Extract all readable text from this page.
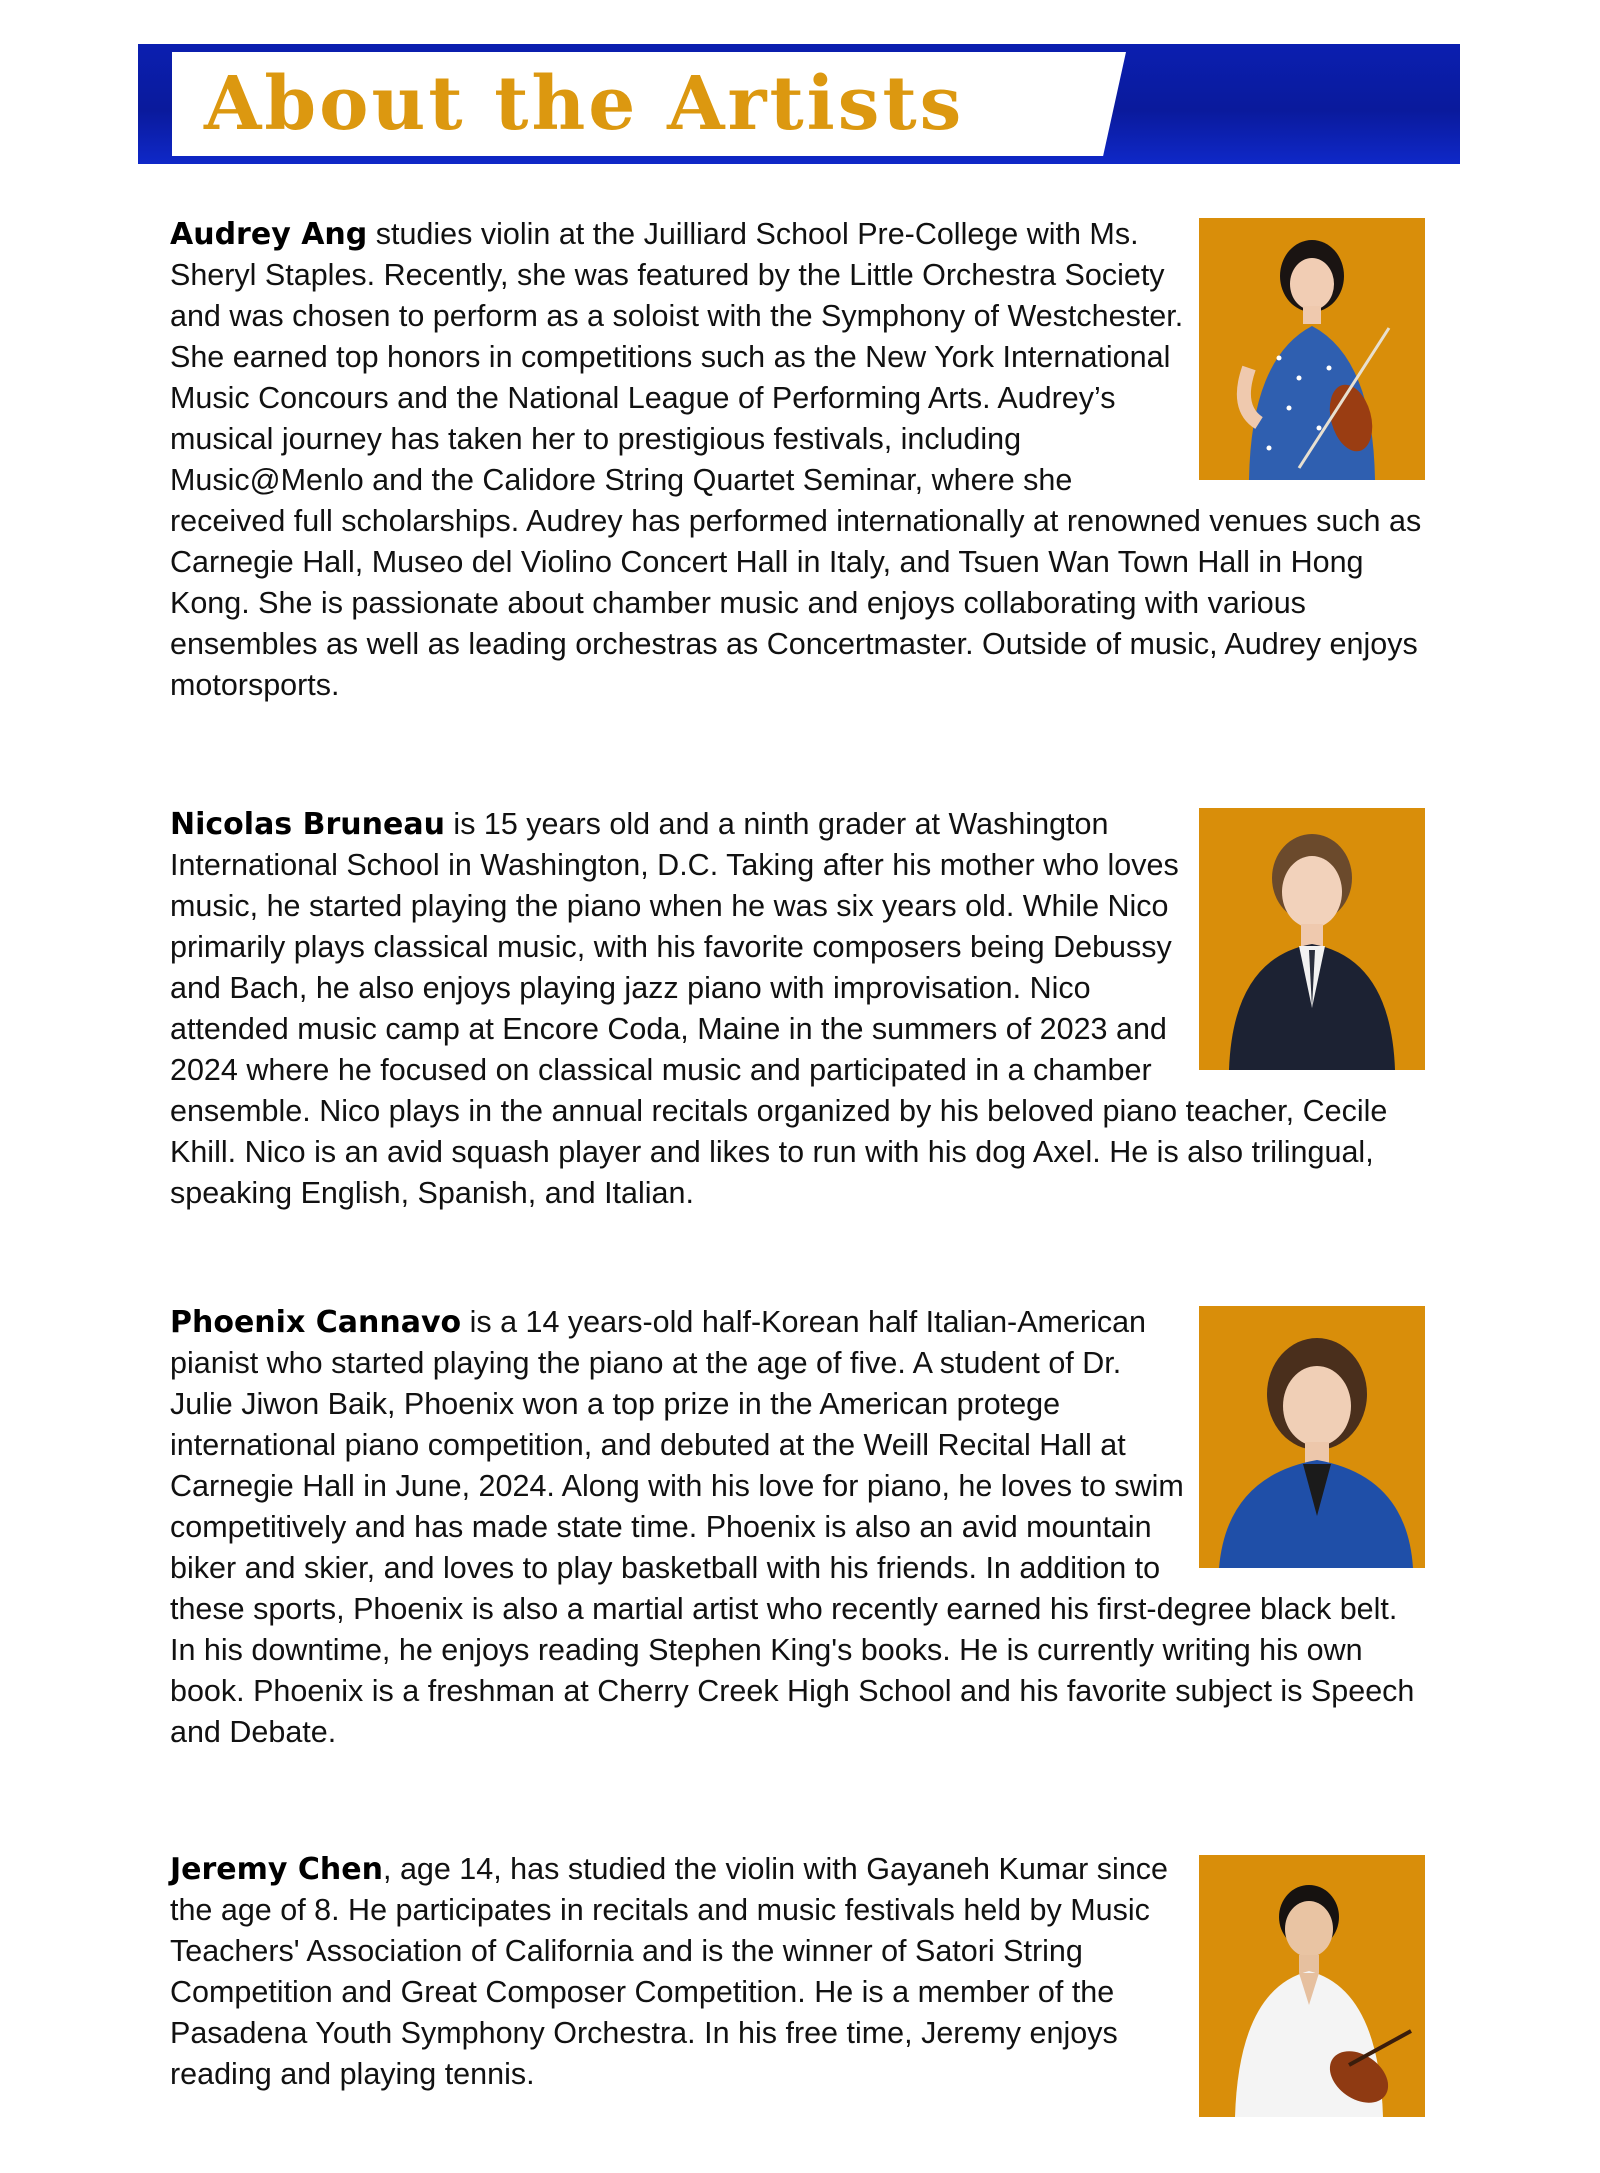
About the Artists

Audrey Ang studies violin at the Juilliard School Pre-College with Ms. Sheryl Staples. Recently, she was featured by the Little Orchestra Society and was chosen to perform as a soloist with the Symphony of Westchester. She earned top honors in competitions such as the New York International Music Concours and the National League of Performing Arts. Audrey’s musical journey has taken her to prestigious festivals, including Music@Menlo and the Calidore String Quartet Seminar, where she received full scholarships. Audrey has performed internationally at renowned venues such as Carnegie Hall, Museo del Violino Concert Hall in Italy, and Tsuen Wan Town Hall in Hong Kong. She is passionate about chamber music and enjoys collaborating with various ensembles as well as leading orchestras as Concertmaster. Outside of music, Audrey enjoys motorsports.

Nicolas Bruneau is 15 years old and a ninth grader at Washington International School in Washington, D.C. Taking after his mother who loves music, he started playing the piano when he was six years old. While Nico primarily plays classical music, with his favorite composers being Debussy and Bach, he also enjoys playing jazz piano with improvisation. Nico attended music camp at Encore Coda, Maine in the summers of 2023 and 2024 where he focused on classical music and participated in a chamber ensemble. Nico plays in the annual recitals organized by his beloved piano teacher, Cecile Khill. Nico is an avid squash player and likes to run with his dog Axel. He is also trilingual, speaking English, Spanish, and Italian.

Phoenix Cannavo is a 14 years-old half-Korean half Italian-American pianist who started playing the piano at the age of five. A student of Dr. Julie Jiwon Baik, Phoenix won a top prize in the American protege international piano competition, and debuted at the Weill Recital Hall at Carnegie Hall in June, 2024. Along with his love for piano, he loves to swim competitively and has made state time. Phoenix is also an avid mountain biker and skier, and loves to play basketball with his friends. In addition to these sports, Phoenix is also a martial artist who recently earned his first-degree black belt. In his downtime, he enjoys reading Stephen King's books. He is currently writing his own book. Phoenix is a freshman at Cherry Creek High School and his favorite subject is Speech and Debate.

Jeremy Chen, age 14, has studied the violin with Gayaneh Kumar since the age of 8. He participates in recitals and music festivals held by Music Teachers' Association of California and is the winner of Satori String Competition and Great Composer Competition. He is a member of the Pasadena Youth Symphony Orchestra. In his free time, Jeremy enjoys reading and playing tennis.
